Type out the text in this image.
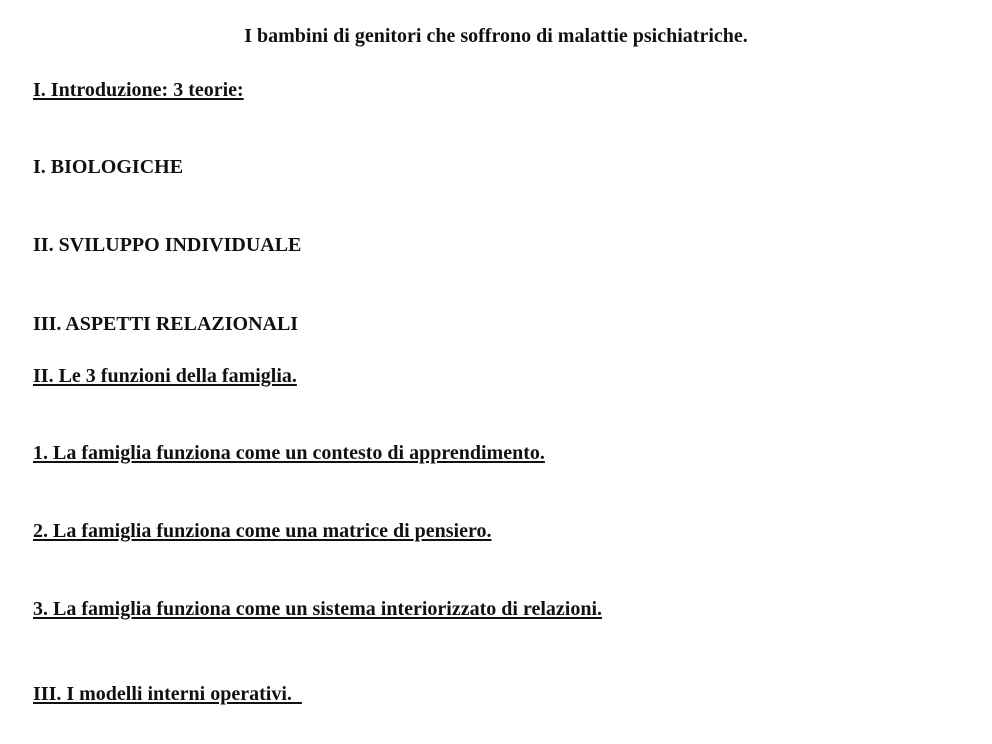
I bambini di genitori che soffrono di malattie psichiatriche.
I. Introduzione: 3 teorie:
I. BIOLOGICHE
II. SVILUPPO INDIVIDUALE
III. ASPETTI RELAZIONALI
II. Le 3 funzioni della famiglia.
1. La famiglia funziona come un contesto di apprendimento.
2. La famiglia funziona come una matrice di pensiero.
3. La famiglia funziona come un sistema interiorizzato di relazioni.
III. I modelli interni operativi.
